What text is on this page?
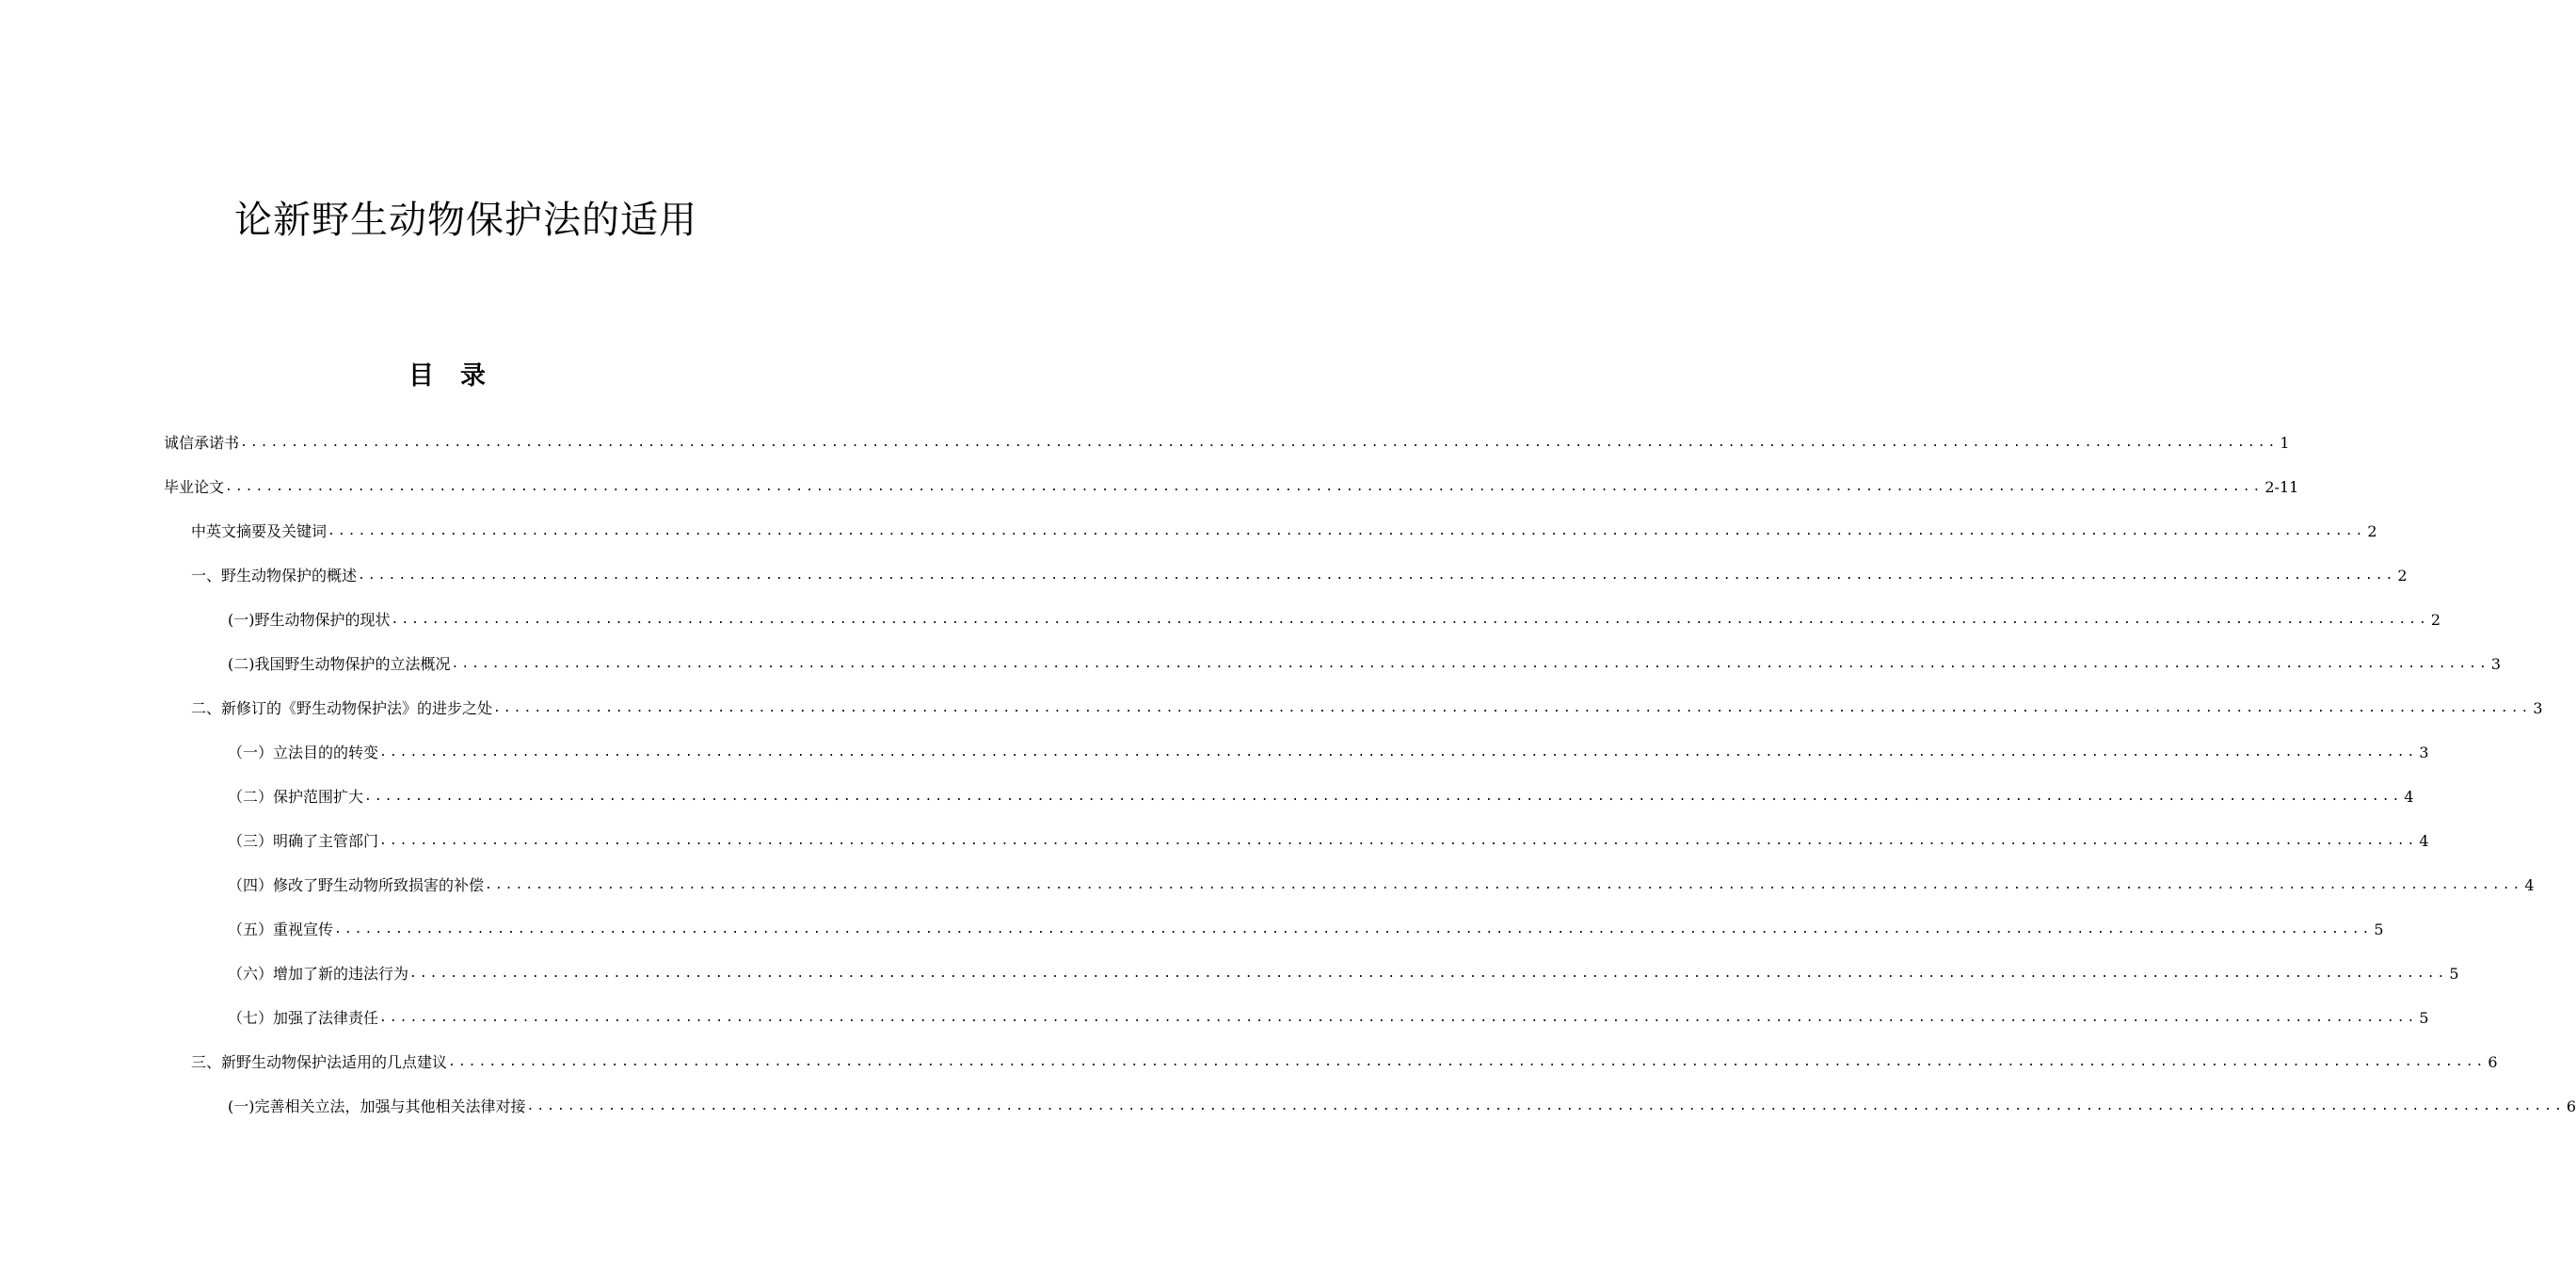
论新野生动物保护法的适用
目录
诚信承诺书 ........................................................................................................................................................................................................ 1
毕业论文 ........................................................................................................................................................................................................ 2-11
中英文摘要及关键词 ........................................................................................................................................................................................................ 2
一、野生动物保护的概述 ........................................................................................................................................................................................................ 2
(一)野生动物保护的现状 ........................................................................................................................................................................................................ 2
(二)我国野生动物保护的立法概况 ........................................................................................................................................................................................................ 3
二、新修订的《野生动物保护法》的进步之处 ........................................................................................................................................................................................................ 3
（一）立法目的的转变 ........................................................................................................................................................................................................ 3
（二）保护范围扩大 ........................................................................................................................................................................................................ 4
（三）明确了主管部门 ........................................................................................................................................................................................................ 4
（四）修改了野生动物所致损害的补偿 ........................................................................................................................................................................................................ 4
（五）重视宣传 ........................................................................................................................................................................................................ 5
（六）增加了新的违法行为 ........................................................................................................................................................................................................ 5
（七）加强了法律责任 ........................................................................................................................................................................................................ 5
三、新野生动物保护法适用的几点建议 ........................................................................................................................................................................................................ 6
(一)完善相关立法，加强与其他相关法律对接 ........................................................................................................................................................................................................ 6
